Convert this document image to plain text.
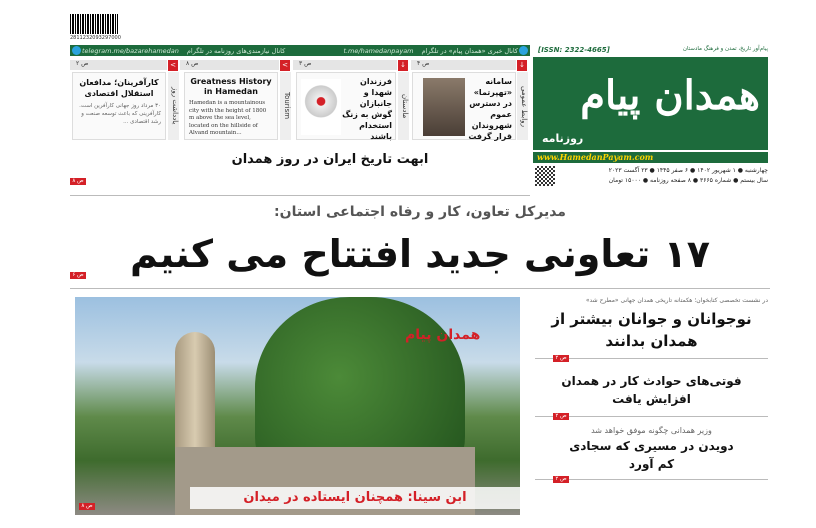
2811232093297000
کانال خبری «همدان پیام» در تلگرام
t.me/hamedanpayam
کانال نیازمندی‌های روزنامه در تلگرام
telegram.me/bazarehamedan
↓
۴ ص
روابط عمومی
سامانه «تهپرتما» در دسترس عموم شهروندان قرار گرفت
↓
۳ ص
مادستان
فرزندان شهدا و جانبازان گوش به زنگ استخدام باشند
<
۸ ص
Tourism
Greatness History in Hamedan
Hamedan is a mountainous city with the height of 1800 m above the sea level, located on the hillside of Alvand mountain...
<
۲ ص
یادداشت روز
کارآفرینان؛ مدافعان استقلال اقتصادی
۳۰ مرداد روز جهانی کارآفرین است. کارآفرینی که باعث توسعه صنعت و رشد اقتصادی ...
[ISSN: 2322-4665]	پیام‌آور تاریخ، تمدن و فرهنگ ماد‌ستان
همدان پیام
روزنامه
www.HamedanPayam.com
چهارشنبه ● ۱ شهریور ۱۴۰۲ ● ۶ صفر ۱۴۴۵ ● ۲۳ آگست ۲۰۲۳
سال بیستم ● شماره ۳۶۶۵ ● ۸ صفحه روزنامه ● ۱۵۰۰۰ تومان
ابهت تاریخ ایران در روز همدان
۸ ص
مدیرکل تعاون، کار و رفاه اجتماعی استان:
۱۷ تعاونی جدید افتتاح می کنیم
۶ ص
همدان پیام
ابن سینا: همچنان ایستاده در میدان
۸ ص
در نشست تخصصی کتابخوان؛ هکمتانه تاریخی همدان جهانی «مطرح شد»
نوجوانان و جوانان بیشتر از همدان بدانند
۲ ص
فوتی‌های حوادث کار در همدان افزایش یافت
۲ ص
وزیر همدانی چگونه موفق خواهد شد
دویدن در مسیری که سجادی کم آورد
۲ ص
